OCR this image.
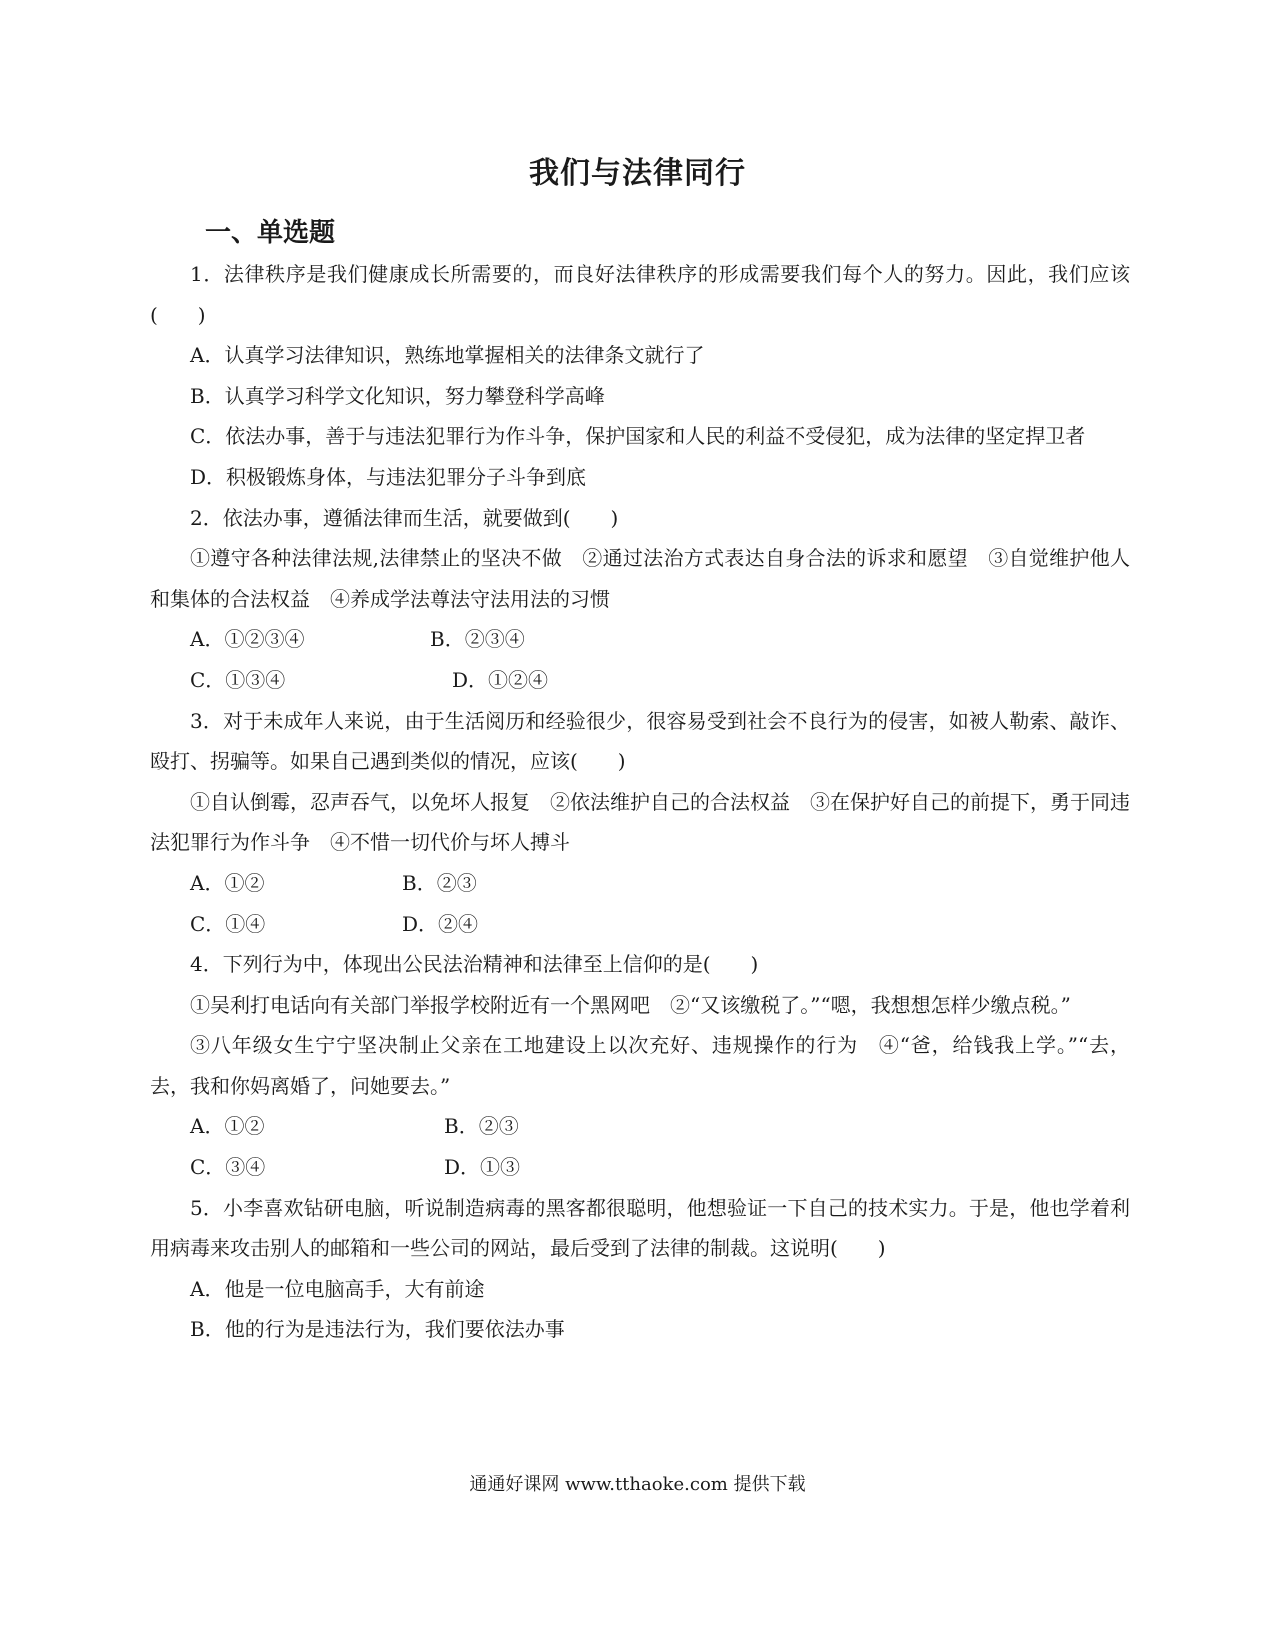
我们与法律同行
一、单选题

1．法律秩序是我们健康成长所需要的，而良好法律秩序的形成需要我们每个人的努力。因此，我们应该(　　)

A．认真学习法律知识，熟练地掌握相关的法律条文就行了

B．认真学习科学文化知识，努力攀登科学高峰

C．依法办事，善于与违法犯罪行为作斗争，保护国家和人民的利益不受侵犯，成为法律的坚定捍卫者

D．积极锻炼身体，与违法犯罪分子斗争到底

2．依法办事，遵循法律而生活，就要做到(　　)

①遵守各种法律法规,法律禁止的坚决不做　②通过法治方式表达自身合法的诉求和愿望　③自觉维护他人和集体的合法权益　④养成学法尊法守法用法的习惯

A．①②③④	B．②③④
C．①③④	D．①②④

3．对于未成年人来说，由于生活阅历和经验很少，很容易受到社会不良行为的侵害，如被人勒索、敲诈、殴打、拐骗等。如果自己遇到类似的情况，应该(　　)

①自认倒霉，忍声吞气，以免坏人报复　②依法维护自己的合法权益　③在保护好自己的前提下，勇于同违法犯罪行为作斗争　④不惜一切代价与坏人搏斗

A．①②	B．②③
C．①④	D．②④

4．下列行为中，体现出公民法治精神和法律至上信仰的是(　　)

①吴利打电话向有关部门举报学校附近有一个黑网吧　②“又该缴税了。”“嗯，我想想怎样少缴点税。”

③八年级女生宁宁坚决制止父亲在工地建设上以次充好、违规操作的行为　④“爸，给钱我上学。”“去，去，我和你妈离婚了，问她要去。”

A．①②	B．②③
C．③④	D．①③

5．小李喜欢钻研电脑，听说制造病毒的黑客都很聪明，他想验证一下自己的技术实力。于是，他也学着利用病毒来攻击别人的邮箱和一些公司的网站，最后受到了法律的制裁。这说明(　　)

A．他是一位电脑高手，大有前途

B．他的行为是违法行为，我们要依法办事

通通好课网 www.tthaoke.com 提供下载
